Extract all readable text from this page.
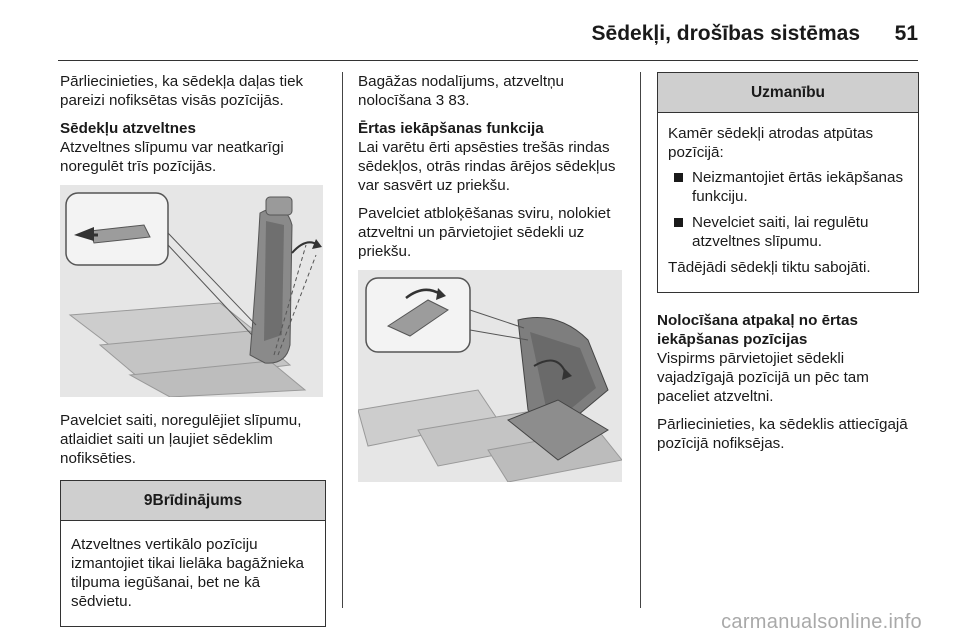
Sēdekļi, drošības sistēmas 51

Pārliecinieties, ka sēdekļa daļas tiek pareizi nofiksētas visās pozīcijās.

Sēdekļu atzveltnes
Atzveltnes slīpumu var neatkarīgi noregulēt trīs pozīcijās.

Pavelciet saiti, noregulējiet slīpumu, atlaidiet saiti un ļaujiet sēdeklim nofiksēties.

9Brīdinājums

Atzveltnes vertikālo pozīciju izmantojiet tikai lielāka bagāžnieka tilpuma iegūšanai, bet ne kā sēdvietu.

Bagāžas nodalījums, atzveltņu nolocīšana 3 83.

Ērtas iekāpšanas funkcija
Lai varētu ērti apsēsties trešās rindas sēdekļos, otrās rindas ārējos sēdekļus var sasvērt uz priekšu.

Pavelciet atbloķēšanas sviru, nolokiet atzveltni un pārvietojiet sēdekli uz priekšu.

Uzmanību

Kamēr sēdekļi atrodas atpūtas pozīcijā:

Neizmantojiet ērtās iekāpšanas funkciju.
Nevelciet saiti, lai regulētu atzveltnes slīpumu.

Tādējādi sēdekļi tiktu sabojāti.

Nolocīšana atpakaļ no ērtas
iekāpšanas pozīcijas
Vispirms pārvietojiet sēdekli vajadzīgajā pozīcijā un pēc tam paceliet atzveltni.

Pārliecinieties, ka sēdeklis attiecīgajā pozīcijā nofiksējas.

carmanualsonline.info
